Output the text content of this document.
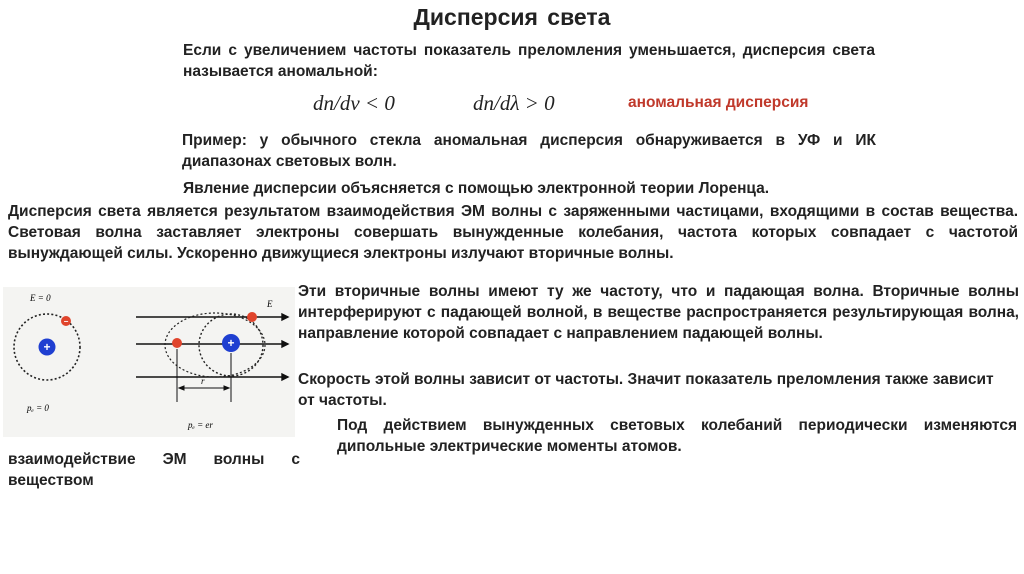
Дисперсия света
Если с увеличением частоты показатель преломления уменьшается, дисперсия света называется аномальной:
dn/dν < 0	dn/dλ > 0	аномальная дисперсия
Пример: у обычного стекла аномальная дисперсия обнаруживается в УФ и ИК диапазонах световых волн.
Явление дисперсии объясняется с помощью электронной теории Лоренца.
Дисперсия света является результатом взаимодействия ЭМ волны с заряженными частицами, входящими в состав вещества. Световая волна заставляет электроны совершать вынужденные колебания, частота которых совпадает с частотой вынуждающей силы. Ускоренно движущиеся электроны излучают вторичные волны.
Эти вторичные волны имеют ту же частоту, что и падающая волна. Вторичные волны интерферируют с падающей волной, в веществе распространяется результирующая волна, направление которой совпадает с направлением падающей волны.
Скорость этой волны зависит от частоты. Значит показатель преломления также зависит от частоты.
Под действием вынужденных световых колебаний периодически изменяются дипольные электрические моменты атомов.
взаимодействие ЭМ волны с веществом
+
−
E = 0
pₑ = 0
E
+
r
pₑ = er
